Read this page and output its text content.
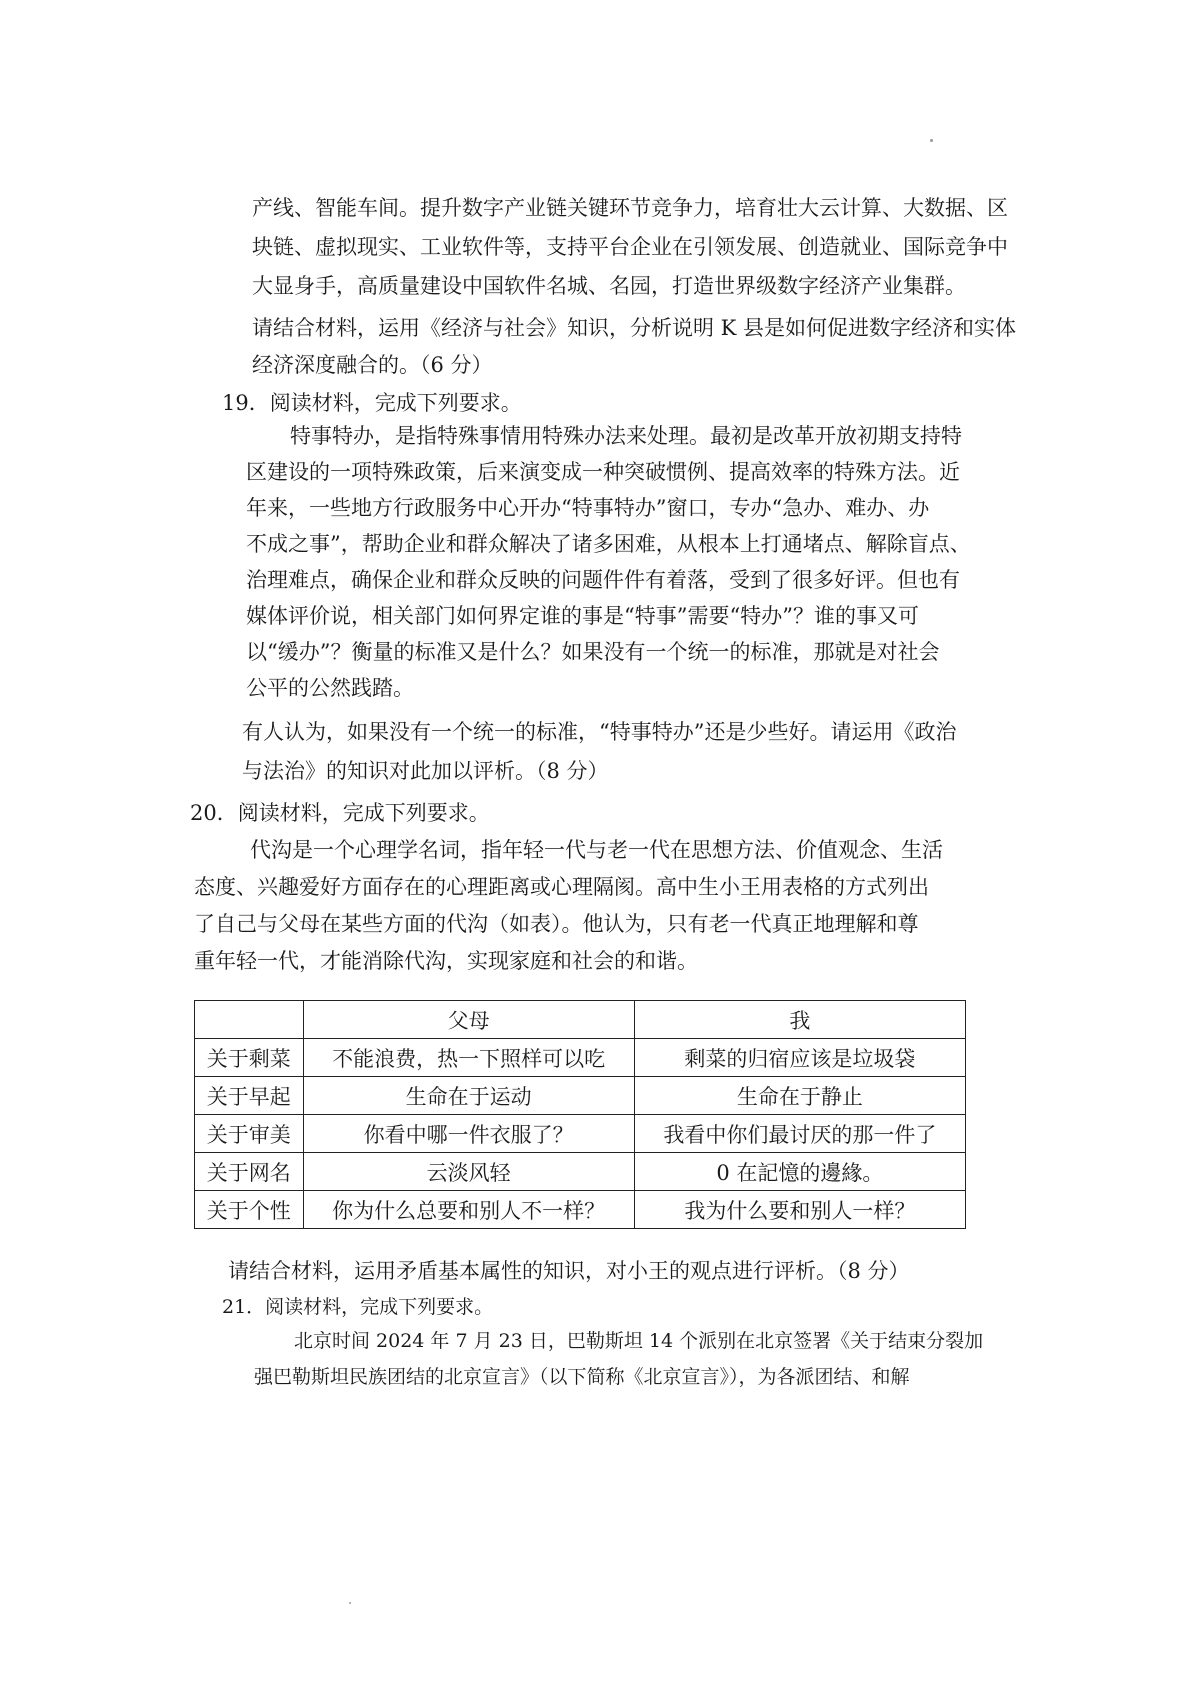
产线、智能车间。提升数字产业链关键环节竞争力，培育壮大云计算、大数据、区
块链、虚拟现实、工业软件等，支持平台企业在引领发展、创造就业、国际竞争中
大显身手，高质量建设中国软件名城、名园，打造世界级数字经济产业集群。
请结合材料，运用《经济与社会》知识，分析说明 K 县是如何促进数字经济和实体
经济深度融合的。（6 分）
19．阅读材料，完成下列要求。
特事特办，是指特殊事情用特殊办法来处理。最初是改革开放初期支持特
区建设的一项特殊政策，后来演变成一种突破惯例、提高效率的特殊方法。近
年来，一些地方行政服务中心开办“特事特办”窗口，专办“急办、难办、办
不成之事”，帮助企业和群众解决了诸多困难，从根本上打通堵点、解除盲点、
治理难点，确保企业和群众反映的问题件件有着落，受到了很多好评。但也有
媒体评价说，相关部门如何界定谁的事是“特事”需要“特办”？谁的事又可
以“缓办”？衡量的标准又是什么？如果没有一个统一的标准，那就是对社会
公平的公然践踏。
有人认为，如果没有一个统一的标准，“特事特办”还是少些好。请运用《政治
与法治》的知识对此加以评析。（8 分）
20．阅读材料，完成下列要求。
代沟是一个心理学名词，指年轻一代与老一代在思想方法、价值观念、生活
态度、兴趣爱好方面存在的心理距离或心理隔阂。高中生小王用表格的方式列出
了自己与父母在某些方面的代沟（如表）。他认为，只有老一代真正地理解和尊
重年轻一代，才能消除代沟，实现家庭和社会的和谐。
	父母	我
关于剩菜	不能浪费，热一下照样可以吃	剩菜的归宿应该是垃圾袋
关于早起	生命在于运动	生命在于静止
关于审美	你看中哪一件衣服了？	我看中你们最讨厌的那一件了
关于网名	云淡风轻	0 在記憶的邊緣。
关于个性	你为什么总要和别人不一样？	我为什么要和别人一样？
请结合材料，运用矛盾基本属性的知识，对小王的观点进行评析。（8 分）
21．阅读材料，完成下列要求。
北京时间 2024 年 7 月 23 日，巴勒斯坦 14 个派别在北京签署《关于结束分裂加
强巴勒斯坦民族团结的北京宣言》（以下简称《北京宣言》），为各派团结、和解
